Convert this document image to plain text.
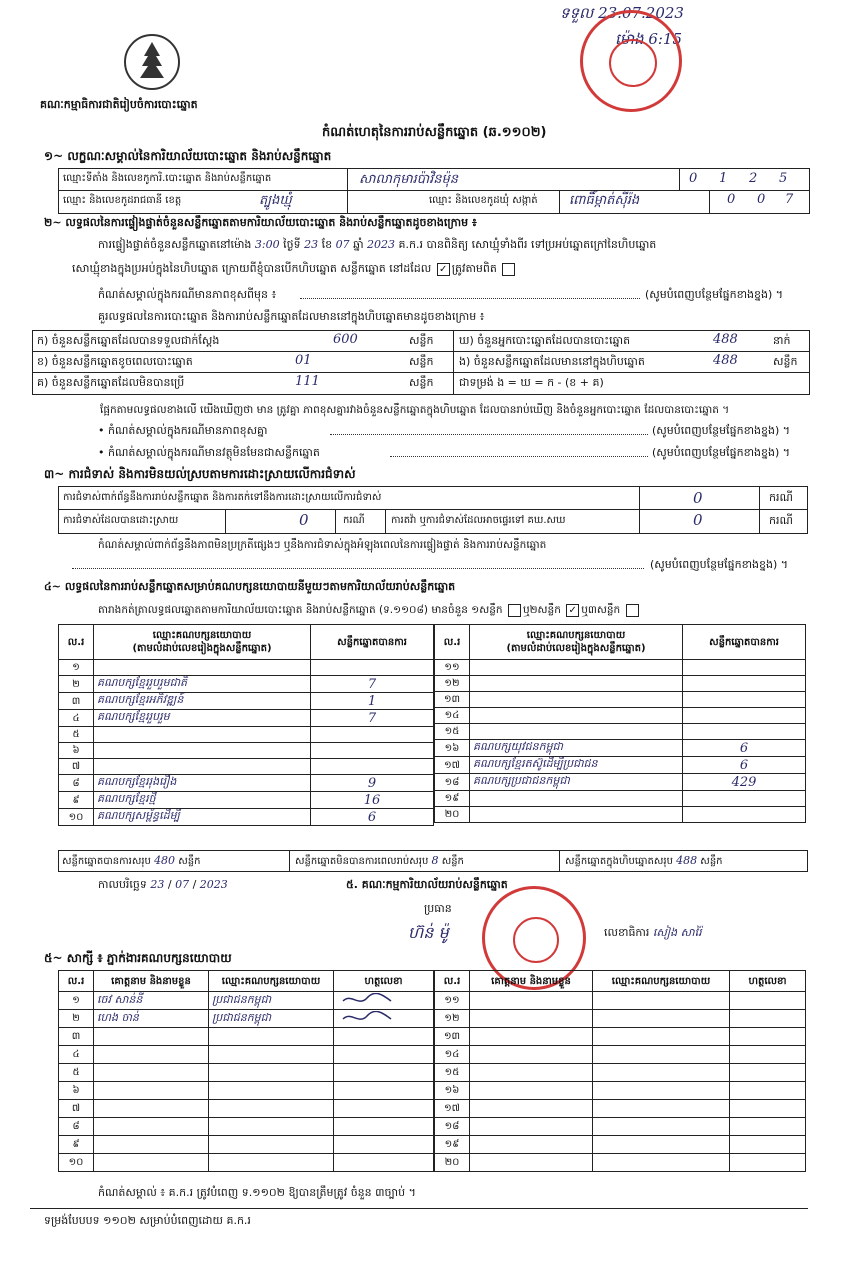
ទទួល 23.07.2023
ម៉ោង 6:15
គណៈកម្មាធិការជាតិរៀបចំការបោះឆ្នោត
កំណត់ហេតុនៃការរាប់សន្លឹកឆ្នោត (ឆ.១១០២)
១~ លក្ខណៈសម្គាល់នៃការិយាល័យបោះឆ្នោត និងរាប់សន្លឹកឆ្នោត
ឈ្មោះទីតាំង និងលេខកូការិ.បោះឆ្នោត និងរាប់សន្លឹកឆ្នោត	សាលាកុមារប៉ាវិនម៉ុន	0 1 2 5
ឈ្មោះ និងលេខកូដរាជធានី ខេត្ត	ត្បូងឃ្មុំ	ឈ្មោះ និងលេខកូដឃុំ សង្កាត់ ពោធិ៍ម្កាត់ស៊ីរ៉ង	0 0 7
២~ លទ្ធផលនៃការផ្ទៀងផ្ទាត់ចំនួនសន្លឹកឆ្នោតតាមការិយាល័យបោះឆ្នោត និងរាប់សន្លឹកឆ្នោតដូចខាងក្រោម ៖
ការផ្ទៀងផ្ទាត់ចំនួនសន្លឹកឆ្នោតនៅម៉ោង 3:00 ថ្ងៃទី 23 ខែ 07 ឆ្នាំ 2023 គ.ក.រ បានពិនិត្យ សោឃ្មុំទាំងពីរ ទៅប្រអប់ឆ្នោតក្រៅនៃហិបឆ្នោត
សោឃ្មុំខាងក្នុងប្រអប់ក្នុងនៃហិបឆ្នោត ក្រោយពីខ្ញុំបានបើកហិបឆ្នោត សន្លឹកឆ្នោត នៅដដែល ✓ ត្រូវតាមពិត
កំណត់សម្គាល់ក្នុងករណីមានភាពខុសពីមុន ៖	(សូមបំពេញបន្ថែមផ្នែកខាងខ្នង) ។
គួរលទ្ធផលនៃការបោះឆ្នោត និងការរាប់សន្លឹកឆ្នោតដែលមាននៅក្នុងហិបឆ្នោតមានដូចខាងក្រោម ៖
ក) ចំនួនសន្លឹកឆ្នោតដែលបានទទួលជាក់ស្តែង	600	សន្លឹក
ខ) ចំនួនសន្លឹកឆ្នោតខូចពេលបោះឆ្នោត	01	សន្លឹក
គ) ចំនួនសន្លឹកឆ្នោតដែលមិនបានប្រើ	111	សន្លឹក
ឃ) ចំនួនអ្នកបោះឆ្នោតដែលបានបោះឆ្នោត	488	នាក់
ង) ចំនួនសន្លឹកឆ្នោតដែលមាននៅក្នុងហិបឆ្នោត	488	សន្លឹក
ជាទម្រង់ ង = ឃ = ក - (ខ + គ)
ផ្អែកតាមលទ្ធផលខាងលើ យើងឃើញថា មាន ត្រូវគ្នា ភាពខុសគ្នារវាងចំនួនសន្លឹកឆ្នោតក្នុងហិបឆ្នោត ដែលបានរាប់ឃើញ និងចំនួនអ្នកបោះឆ្នោត ដែលបានបោះឆ្នោត ។
• កំណត់សម្គាល់ក្នុងករណីមានភាពខុសគ្នា	(សូមបំពេញបន្ថែមផ្នែកខាងខ្នង) ។
• កំណត់សម្គាល់ក្នុងករណីមានវត្ថុមិនមែនជាសន្លឹកឆ្នោត	(សូមបំពេញបន្ថែមផ្នែកខាងខ្នង) ។
៣~ ការជំទាស់ និងការមិនយល់ស្របតាមការដោះស្រាយលើការជំទាស់
ការជំទាស់ពាក់ព័ន្ធនឹងការរាប់សន្លឹកឆ្នោត និងការតក់ទៅនឹងការដោះស្រាយលើការជំទាស់	0	ករណី
ការជំទាស់ដែលបានដោះស្រាយ	0	ករណី	ការតវ៉ា ឬការជំទាស់ដែលអាចផ្ទេរទៅ គឃ.សឃ	0	ករណី
កំណត់សម្គាល់ពាក់ព័ន្ធនឹងភាពមិនប្រក្រតីផ្សេងៗ ឬនឹងការជំទាស់ក្នុងអំឡុងពេលនៃការផ្ទៀងផ្ទាត់ និងការរាប់សន្លឹកឆ្នោត
(សូមបំពេញបន្ថែមផ្នែកខាងខ្នង) ។
៤~ លទ្ធផលនៃការរាប់សន្លឹកឆ្នោតសម្រាប់គណបក្សនយោបាយនីមួយៗតាមការិយាល័យរាប់សន្លឹកឆ្នោត
តារាងកត់ត្រាលទ្ធផលឆ្នោតតាមការិយាល័យបោះឆ្នោត និងរាប់សន្លឹកឆ្នោត (ទ.១១០៨) មានចំនួន ១សន្លឹក ឬ២សន្លឹក ✓ ឬ៣សន្លឹក
ល.រ	ឈ្មោះគណបក្សនយោបាយ
(តាមលំដាប់លេខរៀងក្នុងសន្លឹកឆ្នោត)	សន្លឹកឆ្នោតបានការ
១		
២	គណបក្សខ្មែររួបរួមជាតិ	7
៣	គណបក្សខ្មែរអភិវឌ្ឍន៍	1
៤	គណបក្សខ្មែររួបរួម	7
៥		
៦		
៧		
៨	គណបក្សខ្មែររុងរឿង	9
៩	គណបក្សខ្មែរថ្មី	16
១០	គណបក្សសម្ព័ន្ធដើម្បី	6
ល.រ	ឈ្មោះគណបក្សនយោបាយ
(តាមលំដាប់លេខរៀងក្នុងសន្លឹកឆ្នោត)	សន្លឹកឆ្នោតបានការ
១១		
១២		
១៣		
១៤		
១៥		
១៦	គណបក្សយុវជនកម្ពុជា	6
១៧	គណបក្សខ្មែរតស៊ូដើម្បីប្រជាជន	6
១៨	គណបក្សប្រជាជនកម្ពុជា	429
១៩		
២០		
សន្លឹកឆ្នោតបានការសរុប 480 សន្លឹក	សន្លឹកឆ្នោតមិនបានការពេលរាប់សរុប 8 សន្លឹក	សន្លឹកឆ្នោតក្នុងហិបឆ្នោតសរុប 488 សន្លឹក
កាលបរិច្ឆេទ 23 / 07 / 2023	៥. គណៈកម្មការិយាល័យរាប់សន្លឹកឆ្នោត
ប្រធាន
លេខាធិការ សៀង សារ៉ៃ
ហ៊ន់ ម៉ូ
៥~ សាក្សី ៖ ភ្នាក់ងារគណបក្សនយោបាយ
ល.រ	គោត្តនាម និងនាមខ្លួន	ឈ្មោះគណបក្សនយោបាយ	ហត្ថលេខា
១	ចេវ សាន់នី	ប្រជាជនកម្ពុជា	
២	ហេង ចាន់	ប្រជាជនកម្ពុជា	
៣			
៤			
៥			
៦			
៧			
៨			
៩			
១០			
ល.រ	គោត្តនាម និងនាមខ្លួន	ឈ្មោះគណបក្សនយោបាយ	ហត្ថលេខា
១១			
១២			
១៣			
១៤			
១៥			
១៦			
១៧			
១៨			
១៩			
២០			
កំណត់សម្គាល់ ៖ គ.ក.រ ត្រូវបំពេញ ទ.១១០២ ឱ្យបានត្រឹមត្រូវ ចំនួន ៣ច្បាប់ ។
ទម្រង់បែបបទ ១១០២ សម្រាប់បំពេញដោយ គ.ក.រ
